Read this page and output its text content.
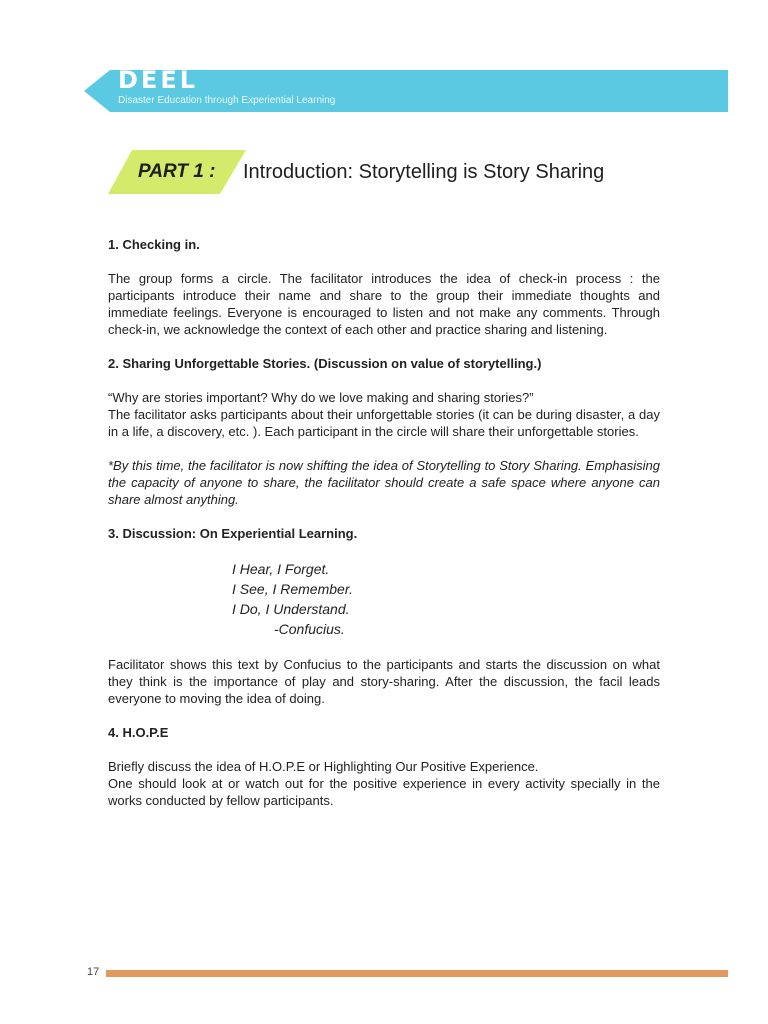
DEEL
Disaster Education through Experiential Learning
PART 1 : Introduction: Storytelling is Story Sharing

1. Checking in.

The group forms a circle. The facilitator introduces the idea of check-in process : the participants introduce their name and share to the group their immediate thoughts and immediate feelings. Everyone is encouraged to listen and not make any comments. Through check-in, we acknowledge the context of each other and practice sharing and listening.

2. Sharing Unforgettable Stories. (Discussion on value of storytelling.)

“Why are stories important? Why do we love making and sharing stories?”

The facilitator asks participants about their unforgettable stories (it can be during disaster, a day in a life, a discovery, etc. ). Each participant in the circle will share their unforgettable stories.

*By this time, the facilitator is now shifting the idea of Storytelling to Story Sharing. Emphasising the capacity of anyone to share, the facilitator should create a safe space where anyone can share almost anything.

3. Discussion: On Experiential Learning.

I Hear, I Forget.
I See, I Remember.
I Do, I Understand.
-Confucius.

Facilitator shows this text by Confucius to the participants and starts the discussion on what they think is the importance of play and story-sharing. After the discussion, the facil leads everyone to moving the idea of doing.

4. H.O.P.E

Briefly discuss the idea of H.O.P.E or Highlighting Our Positive Experience.

One should look at or watch out for the positive experience in every activity specially in the works conducted by fellow participants.

17
